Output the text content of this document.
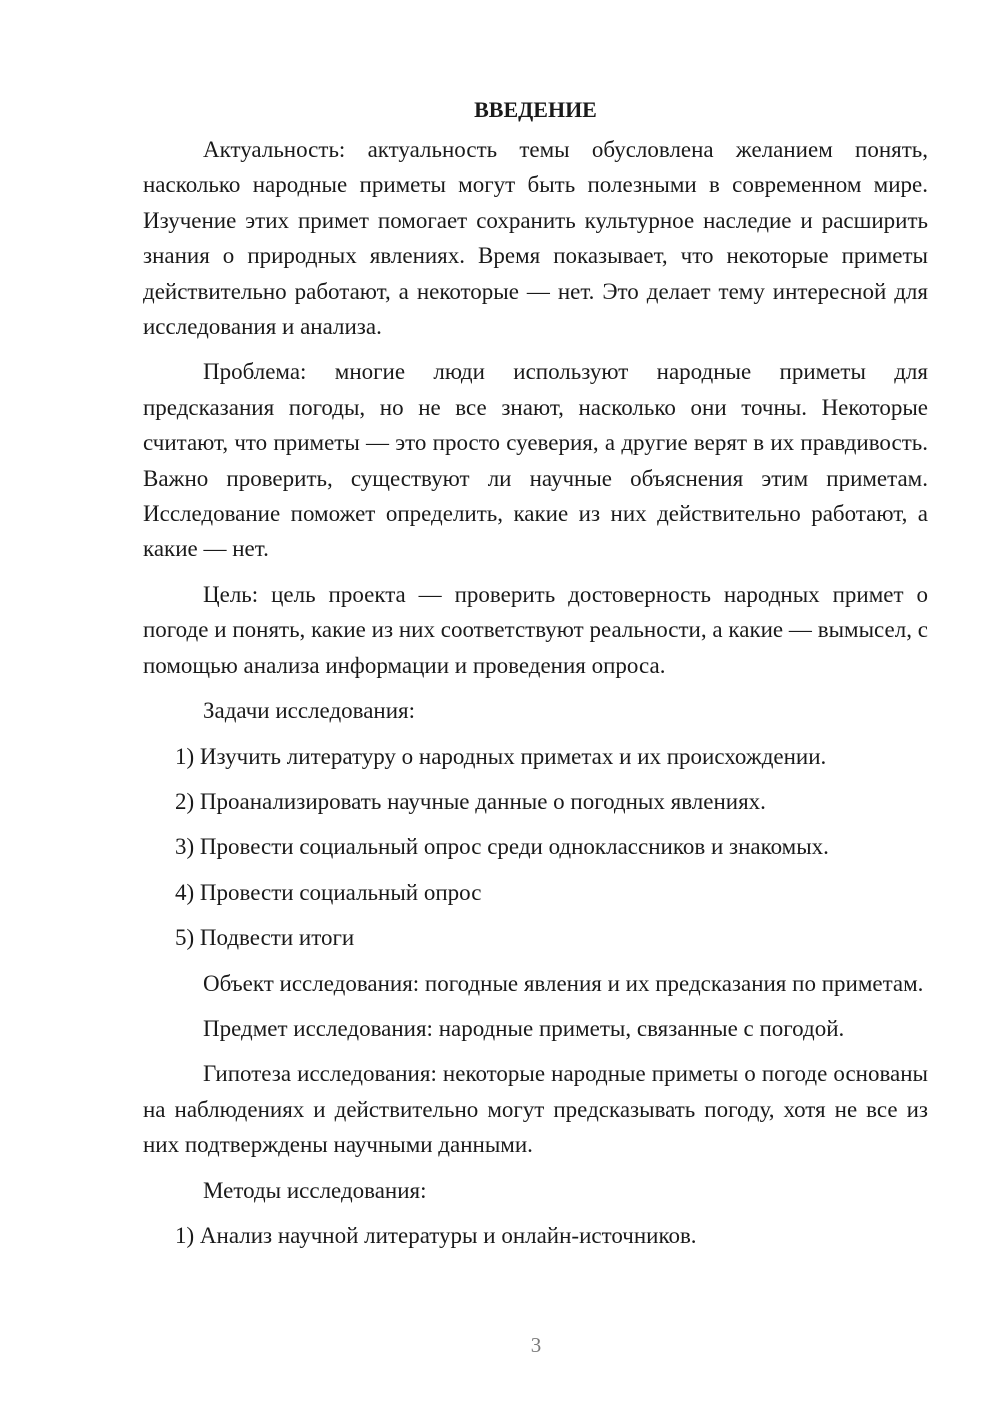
ВВЕДЕНИЕ

Актуальность: актуальность темы обусловлена желанием понять, насколько народные приметы могут быть полезными в современном мире. Изучение этих примет помогает сохранить культурное наследие и расширить знания о природных явлениях. Время показывает, что некоторые приметы действительно работают, а некоторые — нет. Это делает тему интересной для исследования и анализа.

Проблема: многие люди используют народные приметы для предсказания погоды, но не все знают, насколько они точны. Некоторые считают, что приметы — это просто суеверия, а другие верят в их правдивость. Важно проверить, существуют ли научные объяснения этим приметам. Исследование поможет определить, какие из них действительно работают, а какие — нет.

Цель: цель проекта — проверить достоверность народных примет о погоде и понять, какие из них соответствуют реальности, а какие — вымысел, с помощью анализа информации и проведения опроса.

Задачи исследования:

1) Изучить литературу о народных приметах и их происхождении.

2) Проанализировать научные данные о погодных явлениях.

3) Провести социальный опрос среди одноклассников и знакомых.

4) Провести социальный опрос

5) Подвести итоги

Объект исследования: погодные явления и их предсказания по приметам.

Предмет исследования: народные приметы, связанные с погодой.

Гипотеза исследования: некоторые народные приметы о погоде основаны на наблюдениях и действительно могут предсказывать погоду, хотя не все из них подтверждены научными данными.

Методы исследования:

1) Анализ научной литературы и онлайн-источников.

3
